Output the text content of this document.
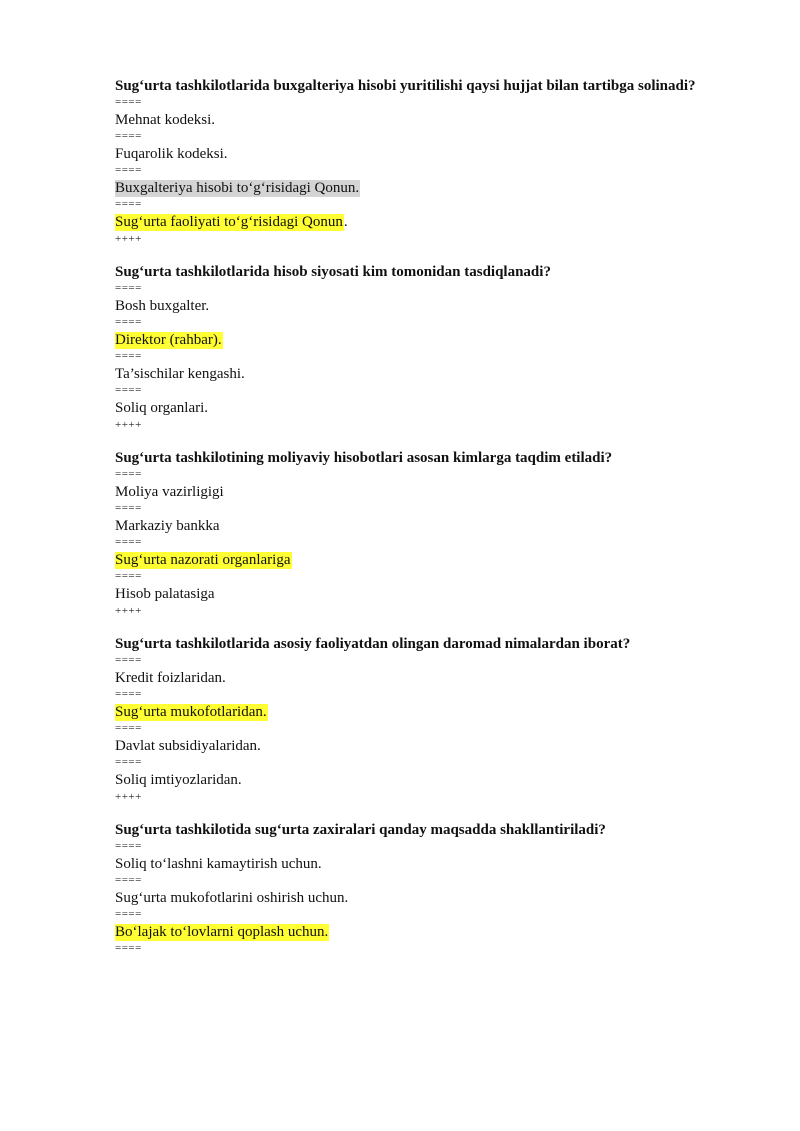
Sug‘urta tashkilotlarida buxgalteriya hisobi yuritilishi qaysi hujjat bilan tartibga solinadi?
====
Mehnat kodeksi.
====
Fuqarolik kodeksi.
====
Buxgalteriya hisobi to‘g‘risidagi Qonun.
====
Sug‘urta faoliyati to‘g‘risidagi Qonun.
++++
Sug‘urta tashkilotlarida hisob siyosati kim tomonidan tasdiqlanadi?
====
Bosh buxgalter.
====
Direktor (rahbar).
====
Ta’sischilar kengashi.
====
Soliq organlari.
++++
Sug‘urta tashkilotining moliyaviy hisobotlari asosan kimlarga taqdim etiladi?
====
Moliya vazirligigi
====
Markaziy bankka
====
Sug‘urta nazorati organlariga
====
Hisob palatasiga
++++
Sug‘urta tashkilotlarida asosiy faoliyatdan olingan daromad nimalardan iborat?
====
Kredit foizlaridan.
====
Sug‘urta mukofotlaridan.
====
Davlat subsidiyalaridan.
====
Soliq imtiyozlaridan.
++++
Sug‘urta tashkilotida sug‘urta zaxiralari qanday maqsadda shakllantiriladi?
====
Soliq to‘lashni kamaytirish uchun.
====
Sug‘urta mukofotlarini oshirish uchun.
====
Bo‘lajak to‘lovlarni qoplash uchun.
====
